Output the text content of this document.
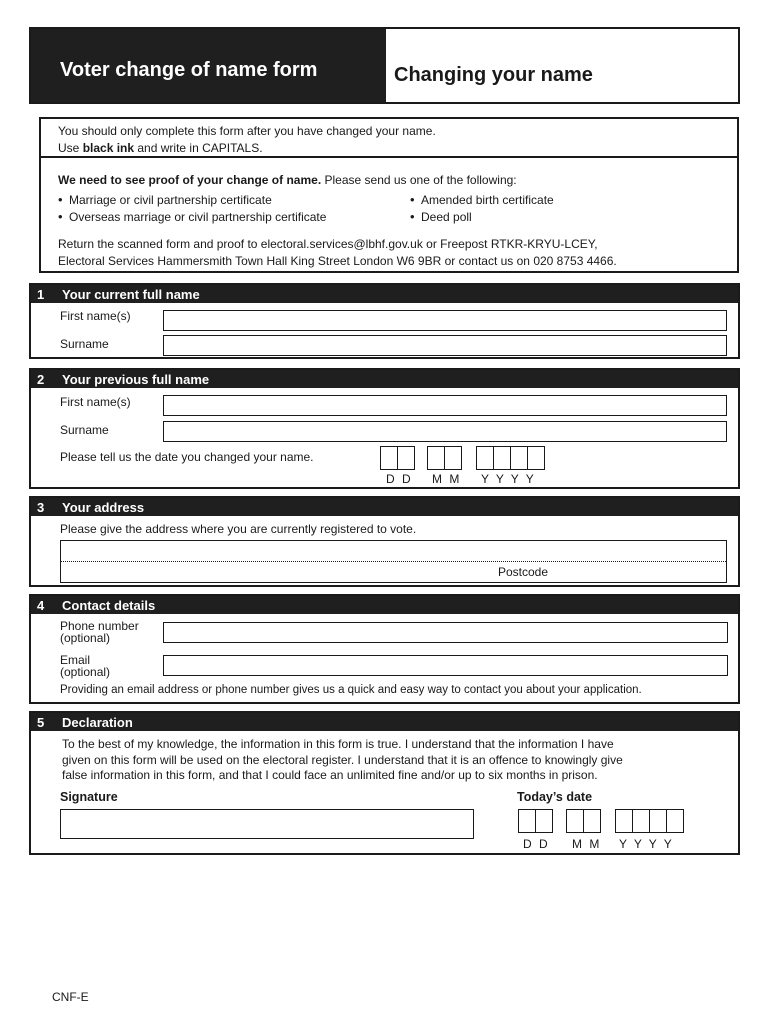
Voter change of name form	Changing your name
You should only complete this form after you have changed your name.
Use black ink and write in CAPITALS.
We need to see proof of your change of name. Please send us one of the following:
• Marriage or civil partnership certificate	• Amended birth certificate
• Overseas marriage or civil partnership certificate	• Deed poll
Return the scanned form and proof to electoral.services@lbhf.gov.uk or Freepost RTKR-KRYU-LCEY,
Electoral Services Hammersmith Town Hall King Street London W6 9BR or contact us on 020 8753 4466.
1	Your current full name
First name(s)
Surname
2	Your previous full name
First name(s)
Surname
Please tell us the date you changed your name.
D D M M Y Y Y Y
3	Your address
Please give the address where you are currently registered to vote.
Postcode
4	Contact details
Phone number
(optional)
Email
(optional)
Providing an email address or phone number gives us a quick and easy way to contact you about your application.
5	Declaration
To the best of my knowledge, the information in this form is true. I understand that the information I have
given on this form will be used on the electoral register. I understand that it is an offence to knowingly give
false information in this form, and that I could face an unlimited fine and/or up to six months in prison.
Signature	Today’s date
D D M M Y Y Y Y
CNF-E
